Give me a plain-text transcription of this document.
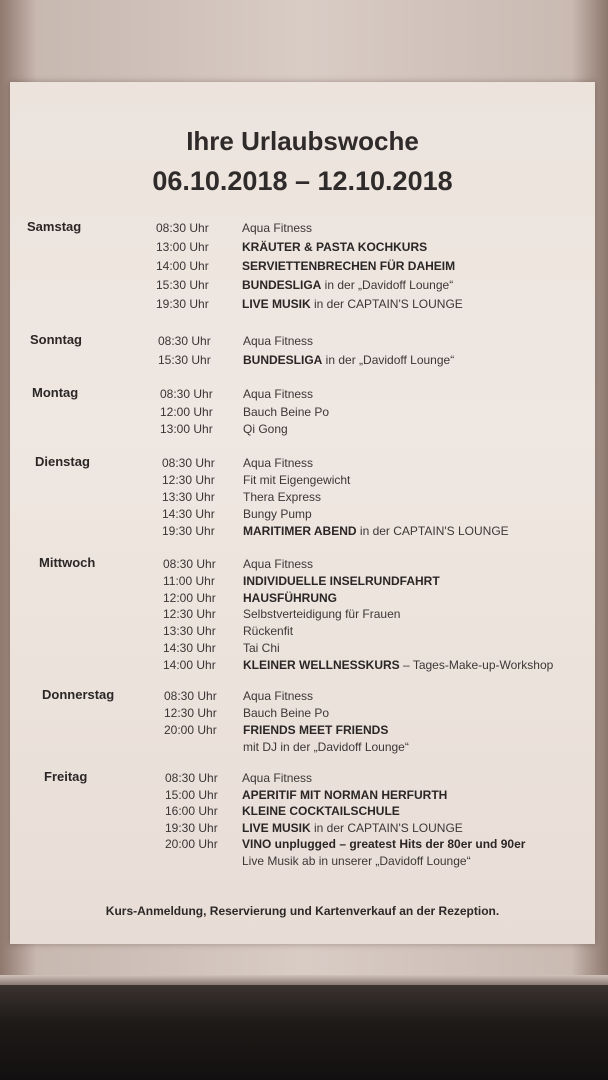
Ihre Urlaubswoche
06.10.2018 – 12.10.2018
Samstag	08:30 Uhr	Aqua Fitness
13:00 Uhr	KRÄUTER & PASTA KOCHKURS
14:00 Uhr	SERVIETTENBRECHEN FÜR DAHEIM
15:30 Uhr	BUNDESLIGA in der „Davidoff Lounge“
19:30 Uhr	LIVE MUSIK in der CAPTAIN'S LOUNGE
Sonntag	08:30 Uhr	Aqua Fitness
15:30 Uhr	BUNDESLIGA in der „Davidoff Lounge“
Montag	08:30 Uhr	Aqua Fitness
12:00 Uhr	Bauch Beine Po
13:00 Uhr	Qi Gong
Dienstag	08:30 Uhr Aqua Fitness
12:30 Uhr Fit mit Eigengewicht
13:30 Uhr Thera Express
14:30 Uhr Bungy Pump
19:30 Uhr MARITIMER ABEND in der CAPTAIN'S LOUNGE
Mittwoch	08:30 Uhr Aqua Fitness
11:00 Uhr INDIVIDUELLE INSELRUNDFAHRT
12:00 Uhr HAUSFÜHRUNG
12:30 Uhr Selbstverteidigung für Frauen
13:30 Uhr Rückenfit
14:30 Uhr Tai Chi
14:00 Uhr KLEINER WELLNESSKURS – Tages-Make-up-Workshop
Donnerstag	08:30 Uhr Aqua Fitness
12:30 Uhr Bauch Beine Po
20:00 Uhr FRIENDS MEET FRIENDS
mit DJ in der „Davidoff Lounge“
Freitag	08:30 Uhr Aqua Fitness
15:00 Uhr APERITIF MIT NORMAN HERFURTH
16:00 Uhr KLEINE COCKTAILSCHULE
19:30 Uhr LIVE MUSIK in der CAPTAIN'S LOUNGE
20:00 Uhr VINO unplugged – greatest Hits der 80er und 90er
Live Musik ab in unserer „Davidoff Lounge“
Kurs-Anmeldung, Reservierung und Kartenverkauf an der Rezeption.
